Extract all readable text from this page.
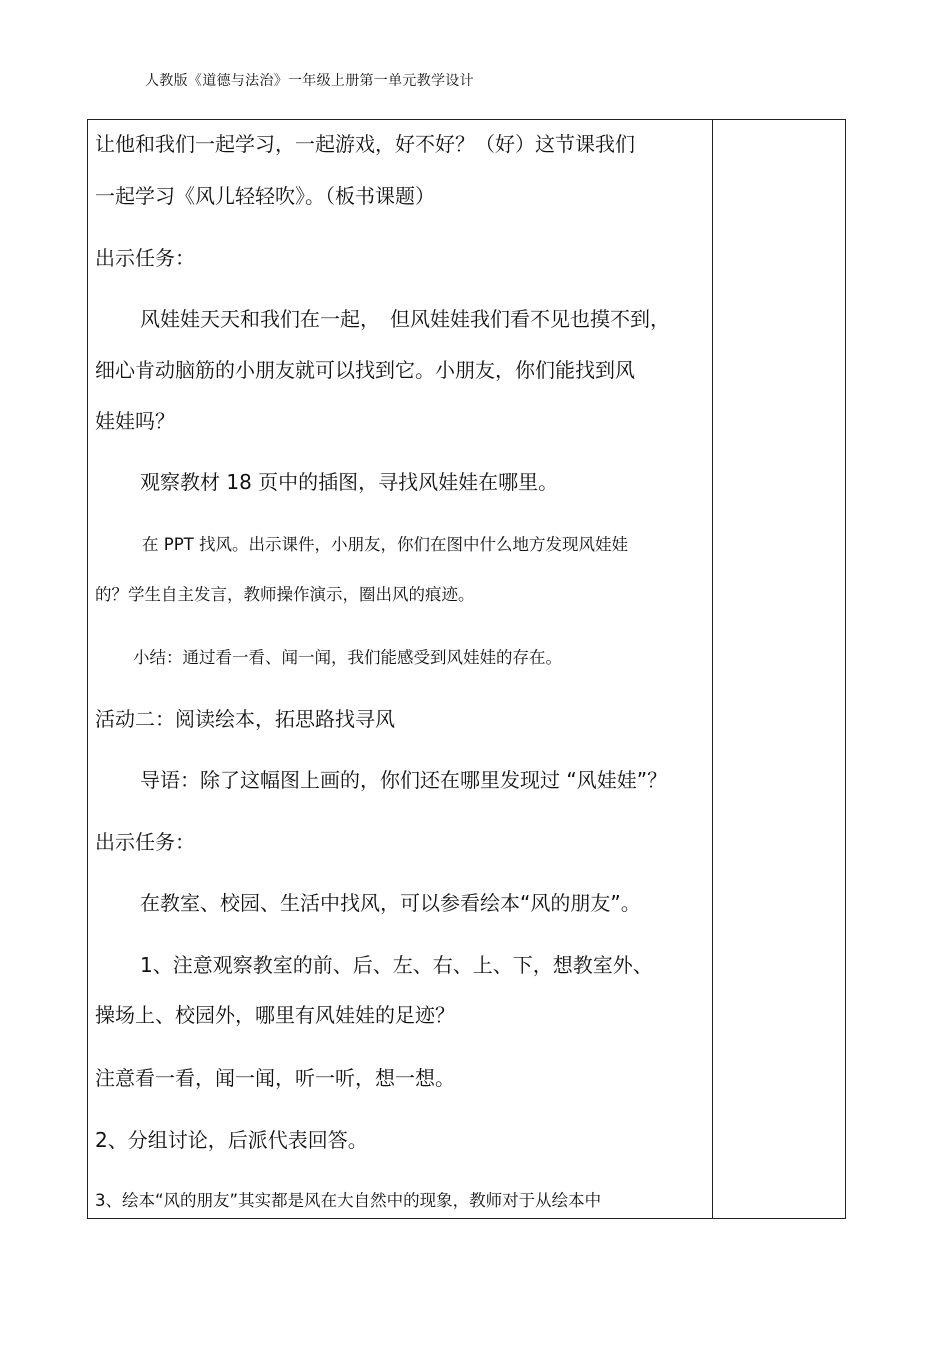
人教版《道德与法治》一年级上册第一单元教学设计
让他和我们一起学习，一起游戏，好不好？（好）这节课我们
一起学习《风儿轻轻吹》。（板书课题）
出示任务：
风娃娃天天和我们在一起，　但风娃娃我们看不见也摸不到，
细心肯动脑筋的小朋友就可以找到它。小朋友，你们能找到风
娃娃吗？
观察教材 18 页中的插图，寻找风娃娃在哪里。
在 PPT 找风。出示课件，小朋友，你们在图中什么地方发现风娃娃
的？学生自主发言，教师操作演示，圈出风的痕迹。
小结：通过看一看、闻一闻，我们能感受到风娃娃的存在。
活动二：阅读绘本，拓思路找寻风
导语：除了这幅图上画的，你们还在哪里发现过 “风娃娃”？
出示任务：
在教室、校园、生活中找风，可以参看绘本“风的朋友”。
1、注意观察教室的前、后、左、右、上、下，想教室外、
操场上、校园外，哪里有风娃娃的足迹？
注意看一看，闻一闻，听一听，想一想。
2、分组讨论，后派代表回答。
3、绘本“风的朋友”其实都是风在大自然中的现象，教师对于从绘本中
